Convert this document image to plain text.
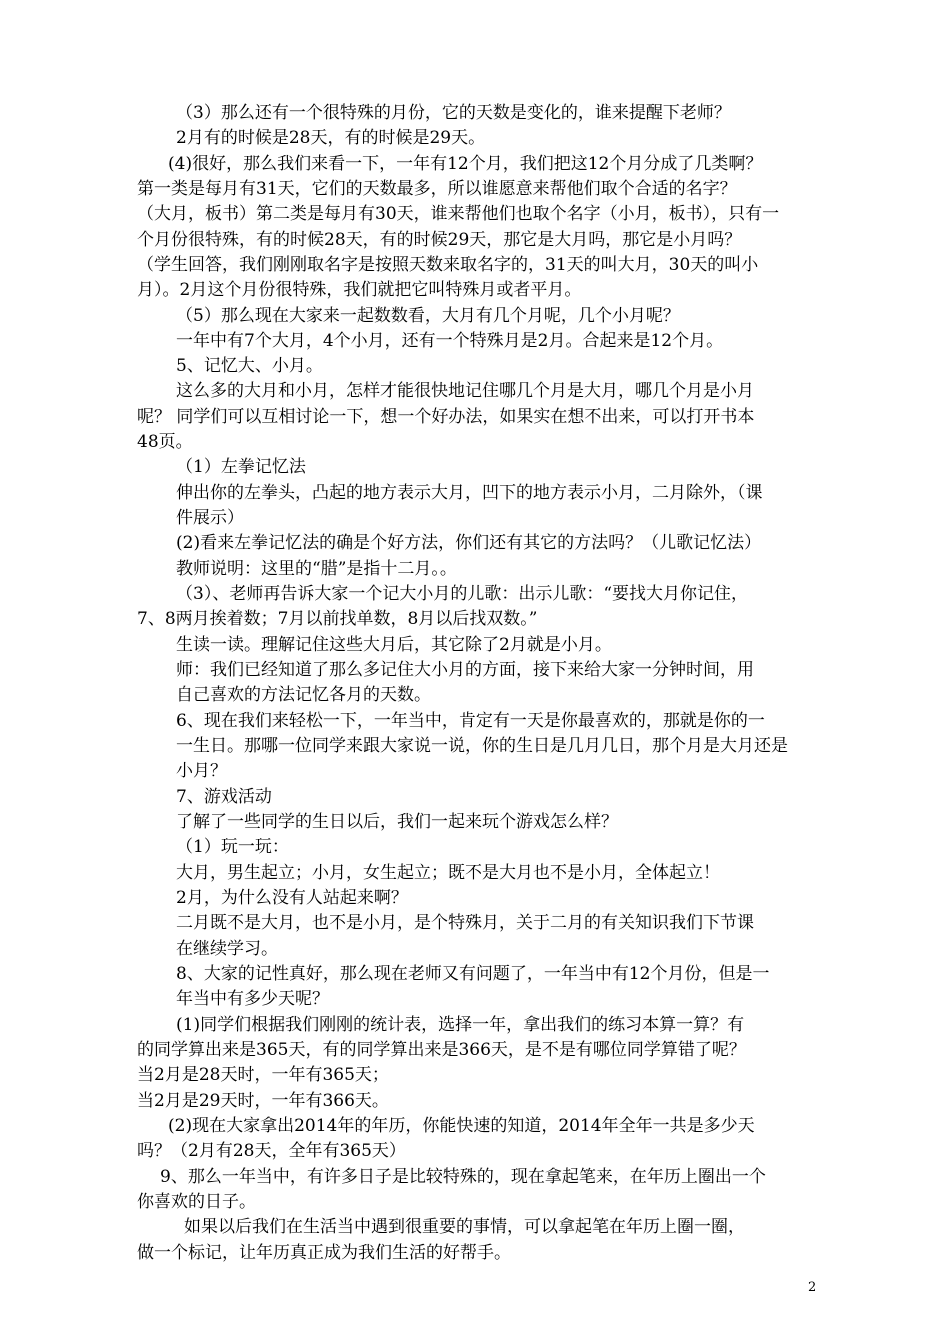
（3）那么还有一个很特殊的月份，它的天数是变化的，谁来提醒下老师？
2月有的时候是28天，有的时候是29天。
(4)很好，那么我们来看一下，一年有12个月，我们把这12个月分成了几类啊？
第一类是每月有31天，它们的天数最多，所以谁愿意来帮他们取个合适的名字？
（大月，板书）第二类是每月有30天，谁来帮他们也取个名字（小月，板书），只有一
个月份很特殊，有的时候28天，有的时候29天，那它是大月吗，那它是小月吗？
（学生回答，我们刚刚取名字是按照天数来取名字的，31天的叫大月，30天的叫小
月）。2月这个月份很特殊，我们就把它叫特殊月或者平月。
（5）那么现在大家来一起数数看，大月有几个月呢，几个小月呢？
一年中有7个大月，4个小月，还有一个特殊月是2月。合起来是12个月。
5、记忆大、小月。
这么多的大月和小月，怎样才能很快地记住哪几个月是大月，哪几个月是小月
呢？ 同学们可以互相讨论一下，想一个好办法，如果实在想不出来，可以打开书本
48页。
（1）左拳记忆法
伸出你的左拳头，凸起的地方表示大月，凹下的地方表示小月，二月除外，（课
件展示）
(2)看来左拳记忆法的确是个好方法，你们还有其它的方法吗？（儿歌记忆法）
教师说明：这里的“腊”是指十二月。。
（3）、老师再告诉大家一个记大小月的儿歌：出示儿歌：“要找大月你记住，
7、8两月挨着数；7月以前找单数，8月以后找双数。”
生读一读。理解记住这些大月后，其它除了2月就是小月。
师：我们已经知道了那么多记住大小月的方面，接下来给大家一分钟时间，用
自己喜欢的方法记忆各月的天数。
6、现在我们来轻松一下，一年当中，肯定有一天是你最喜欢的，那就是你的一
一生日。那哪一位同学来跟大家说一说，你的生日是几月几日，那个月是大月还是
小月？
7、游戏活动
了解了一些同学的生日以后，我们一起来玩个游戏怎么样？
（1）玩一玩：
大月，男生起立；小月，女生起立；既不是大月也不是小月，全体起立！
2月，为什么没有人站起来啊？
二月既不是大月，也不是小月，是个特殊月，关于二月的有关知识我们下节课
在继续学习。
8、大家的记性真好，那么现在老师又有问题了，一年当中有12个月份，但是一
年当中有多少天呢？
(1)同学们根据我们刚刚的统计表，选择一年，拿出我们的练习本算一算？有
的同学算出来是365天，有的同学算出来是366天，是不是有哪位同学算错了呢？
当2月是28天时，一年有365天；
当2月是29天时，一年有366天。
(2)现在大家拿出2014年的年历，你能快速的知道，2014年全年一共是多少天
吗？（2月有28天，全年有365天）
9、那么一年当中，有许多日子是比较特殊的，现在拿起笔来，在年历上圈出一个
你喜欢的日子。
如果以后我们在生活当中遇到很重要的事情，可以拿起笔在年历上圈一圈，
做一个标记，让年历真正成为我们生活的好帮手。
2
